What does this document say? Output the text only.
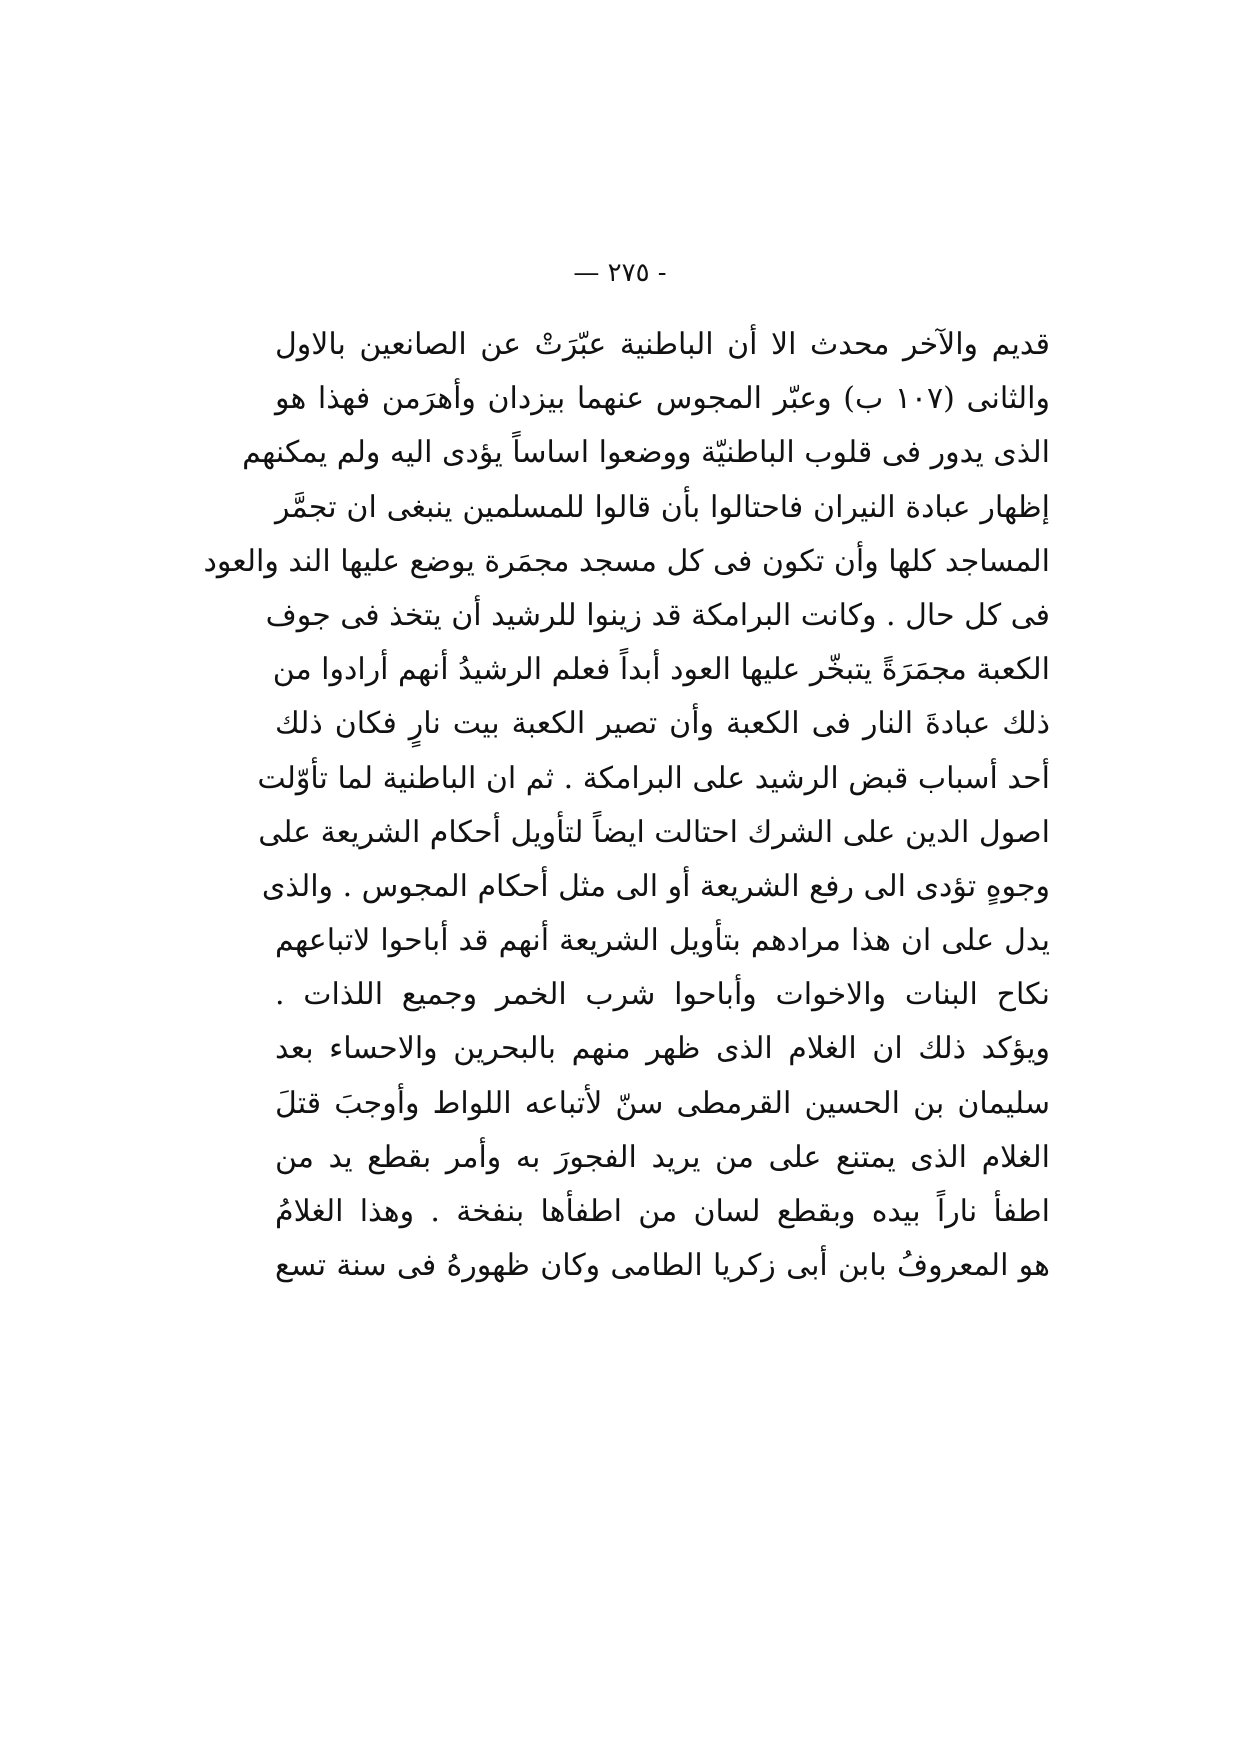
— ٢٧٥ -
قديم والآخر محدث الا أن الباطنية عبّرَتْ عن الصانعين بالاول
والثانى (١٠٧ ب) وعبّر المجوس عنهما بيزدان وأهرَمن فهذا هو
الذى يدور فى قلوب الباطنيّة ووضعوا اساساً يؤدى اليه ولم يمكنهم
إظهار عبادة النيران فاحتالوا بأن قالوا للمسلمين ينبغى ان تجمَّر
المساجد كلها وأن تكون فى كل مسجد مجمَرة يوضع عليها الند والعود
فى كل حال . وكانت البرامكة قد زينوا للرشيد أن يتخذ فى جوف
الكعبة مجمَرَةً يتبخّر عليها العود أبداً فعلم الرشيدُ أنهم أرادوا من
ذلك عبادةَ النار فى الكعبة وأن تصير الكعبة بيت نارٍ فكان ذلك
أحد أسباب قبض الرشيد على البرامكة . ثم ان الباطنية لما تأوّلت
اصول الدين على الشرك احتالت ايضاً لتأويل أحكام الشريعة على
وجوهٍ تؤدى الى رفع الشريعة أو الى مثل أحكام المجوس . والذى
يدل على ان هذا مرادهم بتأويل الشريعة أنهم قد أباحوا لاتباعهم
نكاح البنات والاخوات وأباحوا شرب الخمر وجميع اللذات .
ويؤكد ذلك ان الغلام الذى ظهر منهم بالبحرين والاحساء بعد
سليمان بن الحسين القرمطى سنّ لأتباعه اللواط وأوجبَ قتلَ
الغلام الذى يمتنع على من يريد الفجورَ به وأمر بقطع يد من
اطفأ ناراً بيده وبقطع لسان من اطفأها بنفخة . وهذا الغلامُ
هو المعروفُ بابن أبى زكريا الطامى وكان ظهورهُ فى سنة تسع
